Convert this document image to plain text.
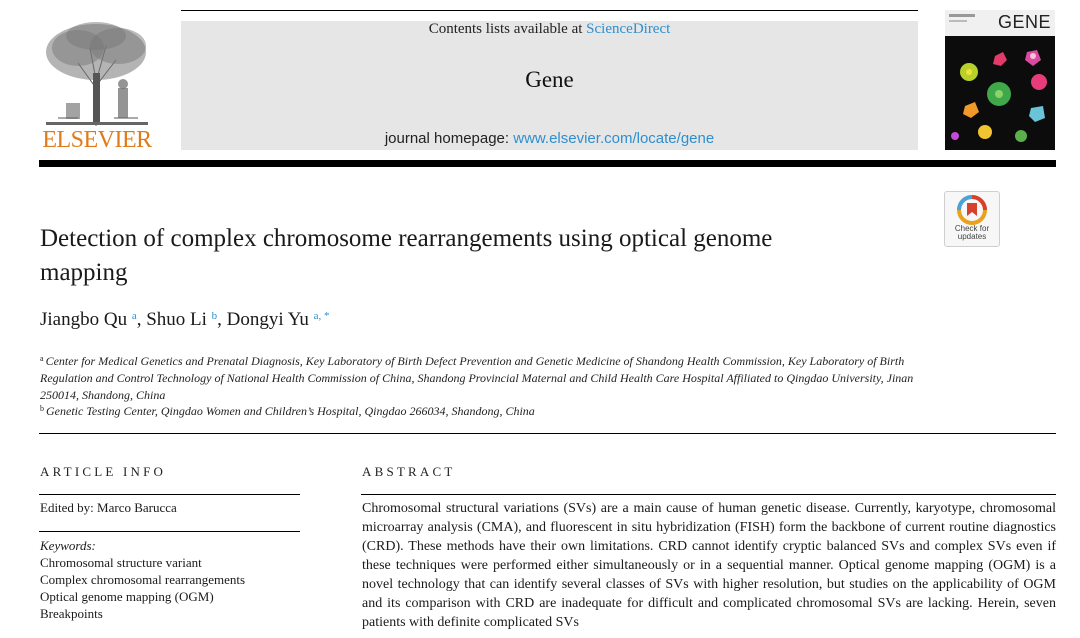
ELSEVIER
Contents lists available at ScienceDirect
Gene
journal homepage: www.elsevier.com/locate/gene
GENE
Check for updates
Detection of complex chromosome rearrangements using optical genome mapping
Jiangbo Qu $^a$, Shuo Li $^b$, Dongyi Yu $^{a, *}$
$^a$ Center for Medical Genetics and Prenatal Diagnosis, Key Laboratory of Birth Defect Prevention and Genetic Medicine of Shandong Health Commission, Key Laboratory of Birth Regulation and Control Technology of National Health Commission of China, Shandong Provincial Maternal and Child Health Care Hospital Affiliated to Qingdao University, Jinan 250014, Shandong, China
$^b$ Genetic Testing Center, Qingdao Women and Children’s Hospital, Qingdao 266034, Shandong, China
ARTICLE INFO
Edited by: Marco Barucca
Keywords:
Chromosomal structure variant
Complex chromosomal rearrangements
Optical genome mapping (OGM)
Breakpoints
ABSTRACT
Chromosomal structural variations (SVs) are a main cause of human genetic disease. Currently, karyotype, chromosomal microarray analysis (CMA), and fluorescent in situ hybridization (FISH) form the backbone of current routine diagnostics (CRD). These methods have their own limitations. CRD cannot identify cryptic balanced SVs and complex SVs even if these techniques were performed either simultaneously or in a sequential manner. Optical genome mapping (OGM) is a novel technology that can identify several classes of SVs with higher resolution, but studies on the applicability of OGM and its comparison with CRD are inadequate for difficult and complicated chromosomal SVs are lacking. Herein, seven patients with definite complicated SVs
